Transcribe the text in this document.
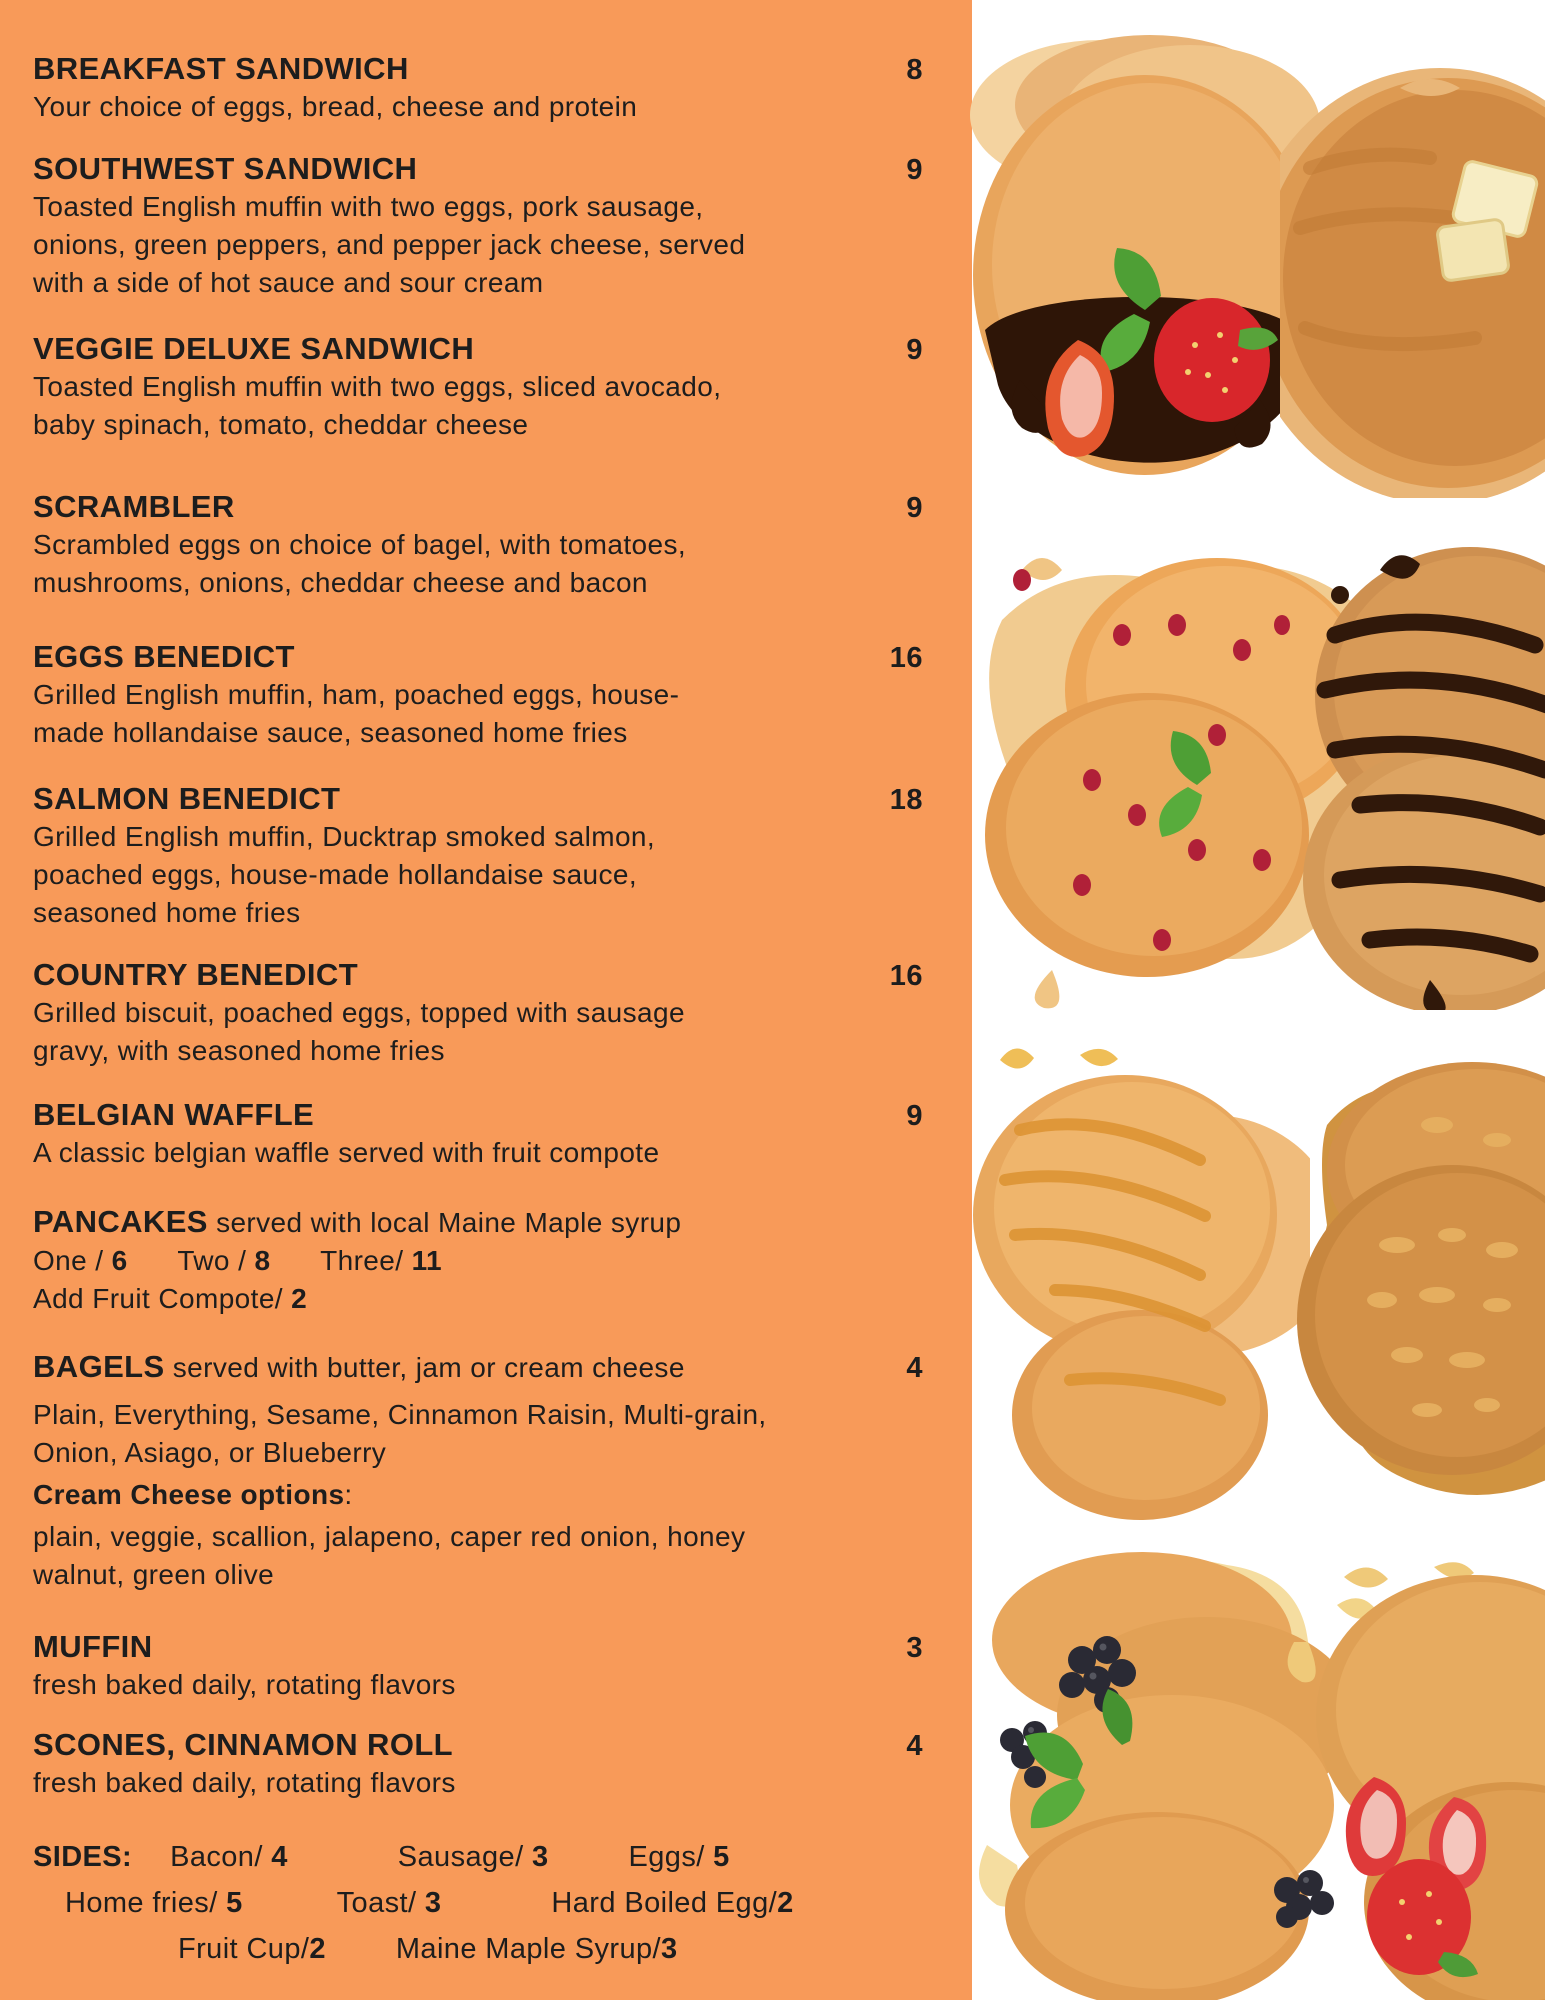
BREAKFAST SANDWICH	8

Your choice of eggs, bread, cheese and protein

SOUTHWEST SANDWICH	9

Toasted English muffin with two eggs, pork sausage,

onions, green peppers, and pepper jack cheese, served

with a side of hot sauce and sour cream

VEGGIE DELUXE SANDWICH	9

Toasted English muffin with two eggs, sliced avocado,

baby spinach, tomato, cheddar cheese

SCRAMBLER	9

Scrambled eggs on choice of bagel, with tomatoes,

mushrooms, onions, cheddar cheese and bacon

EGGS BENEDICT	16

Grilled English muffin, ham, poached eggs, house-

made hollandaise sauce, seasoned home fries

SALMON BENEDICT	18

Grilled English muffin, Ducktrap smoked salmon,

poached eggs, house-made hollandaise sauce,

seasoned home fries

COUNTRY BENEDICT	16

Grilled biscuit, poached eggs, topped with sausage

gravy, with seasoned home fries

BELGIAN WAFFLE	9

A classic belgian waffle served with fruit compote

PANCAKES served with local Maine Maple syrup

One / 6 Two / 8 Three/ 11

Add Fruit Compote/ 2

BAGELS served with butter, jam or cream cheese	4

Plain, Everything, Sesame, Cinnamon Raisin, Multi-grain,

Onion, Asiago, or Blueberry

Cream Cheese options:

plain, veggie, scallion, jalapeno, caper red onion, honey

walnut, green olive

MUFFIN	3

fresh baked daily, rotating flavors

SCONES, CINNAMON ROLL	4

fresh baked daily, rotating flavors

SIDES: Bacon/ 4	Sausage/ 3	Eggs/ 5
Home fries/ 5	Toast/ 3	Hard Boiled Egg/2
Fruit Cup/2 Maine Maple Syrup/3
